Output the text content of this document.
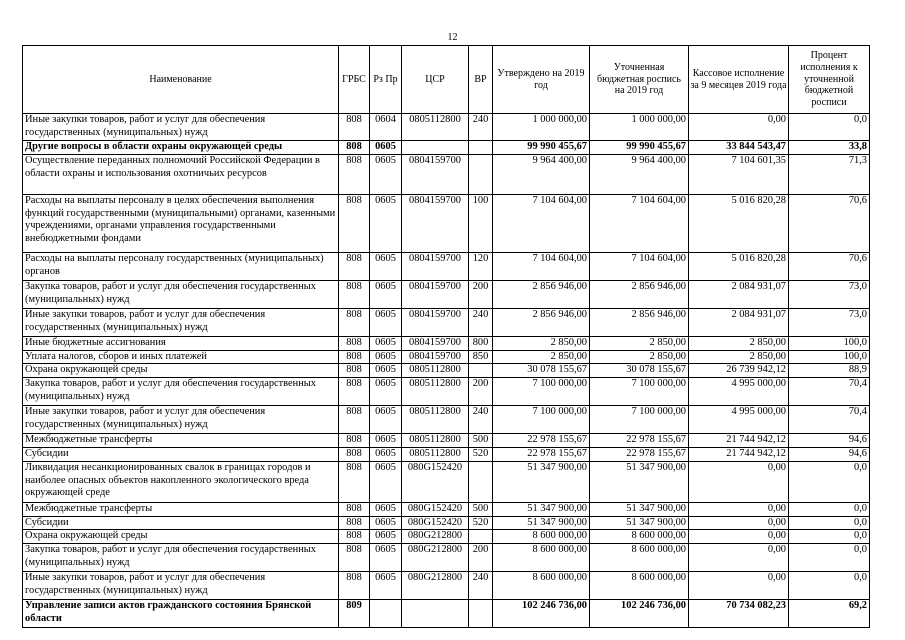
12
Наименование	ГРБС	Рз Пр	ЦСР	ВР	Утверждено на 2019 год	Уточненная бюджетная роспись на 2019 год	Кассовое исполнение за 9 месяцев 2019 года	Процент исполнения к уточненной бюджетной росписи
Иные закупки товаров, работ и услуг для обеспечения государственных (муниципальных) нужд	808	0604	0805112800	240	1 000 000,00	1 000 000,00	0,00	0,0
Другие вопросы в области охраны окружающей среды	808	0605			99 990 455,67	99 990 455,67	33 844 543,47	33,8
Осуществление переданных полномочий Российской Федерации в области охраны и использования охотничьих ресурсов	808	0605	0804159700		9 964 400,00	9 964 400,00	7 104 601,35	71,3
Расходы на выплаты персоналу в целях обеспечения выполнения функций государственными (муниципальными) органами, казенными учреждениями, органами управления государственными внебюджетными фондами	808	0605	0804159700	100	7 104 604,00	7 104 604,00	5 016 820,28	70,6
Расходы на выплаты персоналу государственных (муниципальных) органов	808	0605	0804159700	120	7 104 604,00	7 104 604,00	5 016 820,28	70,6
Закупка товаров, работ и услуг для обеспечения государственных (муниципальных) нужд	808	0605	0804159700	200	2 856 946,00	2 856 946,00	2 084 931,07	73,0
Иные закупки товаров, работ и услуг для обеспечения государственных (муниципальных) нужд	808	0605	0804159700	240	2 856 946,00	2 856 946,00	2 084 931,07	73,0
Иные бюджетные ассигнования	808	0605	0804159700	800	2 850,00	2 850,00	2 850,00	100,0
Уплата налогов, сборов и иных платежей	808	0605	0804159700	850	2 850,00	2 850,00	2 850,00	100,0
Охрана окружающей среды	808	0605	0805112800		30 078 155,67	30 078 155,67	26 739 942,12	88,9
Закупка товаров, работ и услуг для обеспечения государственных (муниципальных) нужд	808	0605	0805112800	200	7 100 000,00	7 100 000,00	4 995 000,00	70,4
Иные закупки товаров, работ и услуг для обеспечения государственных (муниципальных) нужд	808	0605	0805112800	240	7 100 000,00	7 100 000,00	4 995 000,00	70,4
Межбюджетные трансферты	808	0605	0805112800	500	22 978 155,67	22 978 155,67	21 744 942,12	94,6
Субсидии	808	0605	0805112800	520	22 978 155,67	22 978 155,67	21 744 942,12	94,6
Ликвидация несанкционированных свалок в границах городов и наиболее опасных объектов накопленного экологического вреда окружающей среде	808	0605	080G152420		51 347 900,00	51 347 900,00	0,00	0,0
Межбюджетные трансферты	808	0605	080G152420	500	51 347 900,00	51 347 900,00	0,00	0,0
Субсидии	808	0605	080G152420	520	51 347 900,00	51 347 900,00	0,00	0,0
Охрана окружающей среды	808	0605	080G212800		8 600 000,00	8 600 000,00	0,00	0,0
Закупка товаров, работ и услуг для обеспечения государственных (муниципальных) нужд	808	0605	080G212800	200	8 600 000,00	8 600 000,00	0,00	0,0
Иные закупки товаров, работ и услуг для обеспечения государственных (муниципальных) нужд	808	0605	080G212800	240	8 600 000,00	8 600 000,00	0,00	0,0
Управление записи актов гражданского состояния Брянской области	809				102 246 736,00	102 246 736,00	70 734 082,23	69,2
